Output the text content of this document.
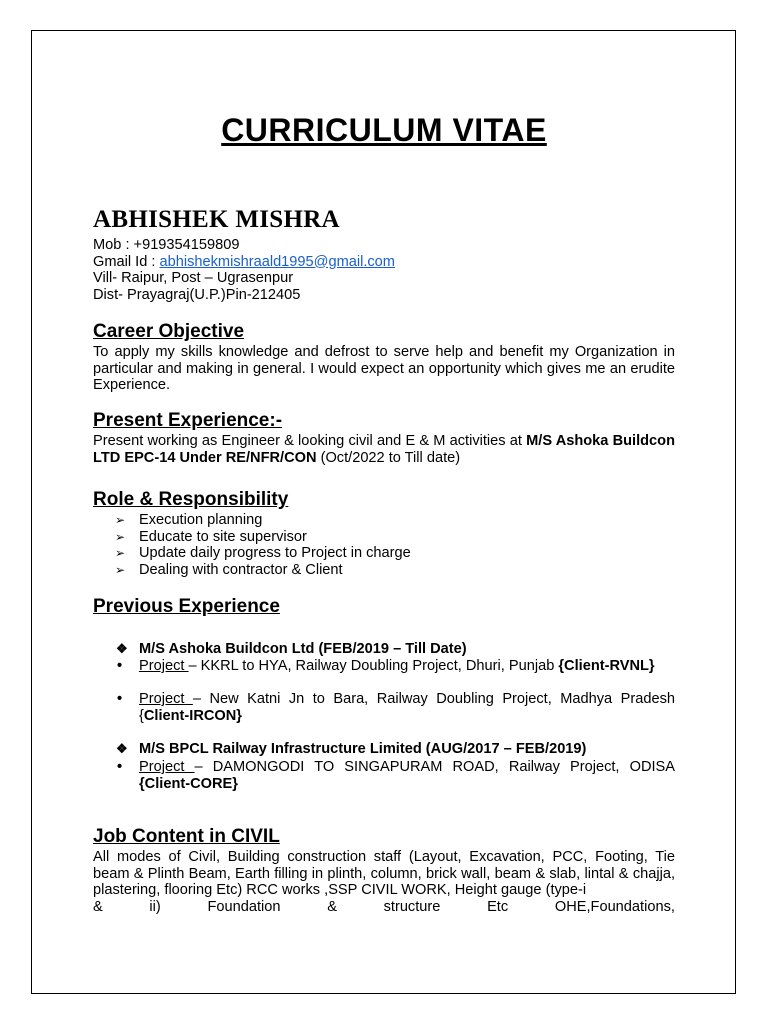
CURRICULUM VITAE
ABHISHEK MISHRA
Mob : +919354159809
Gmail Id : abhishekmishraald1995@gmail.com
Vill- Raipur, Post – Ugrasenpur
Dist- Prayagraj(U.P.)Pin-212405
Career Objective
To apply my skills knowledge and defrost to serve help and benefit my Organization in particular and making in general. I would expect an opportunity which gives me an erudite Experience.
Present Experience:-
Present working as Engineer & looking civil and E & M activities at M/S Ashoka Buildcon LTD EPC-14 Under RE/NFR/CON (Oct/2022 to Till date)
Role & Responsibility
➢ Execution planning
➢ Educate to site supervisor
➢ Update daily progress to Project in charge
➢ Dealing with contractor & Client
Previous Experience
❖ M/S Ashoka Buildcon Ltd (FEB/2019 – Till Date)
• Project – KKRL to HYA, Railway Doubling Project, Dhuri, Punjab {Client-RVNL}
• Project – New Katni Jn to Bara, Railway Doubling Project, Madhya Pradesh {Client-IRCON}
❖ M/S BPCL Railway Infrastructure Limited (AUG/2017 – FEB/2019)
• Project – DAMONGODI TO SINGAPURAM ROAD, Railway Project, ODISA {Client-CORE}
Job Content in CIVIL
All modes of Civil, Building construction staff (Layout, Excavation, PCC, Footing, Tie beam & Plinth Beam, Earth filling in plinth, column, brick wall, beam & slab, lintal & chajja, plastering, flooring Etc) RCC works ,SSP CIVIL WORK, Height gauge (type-i
&	ii)	Foundation	&	structure	Etc	OHE,Foundations,
